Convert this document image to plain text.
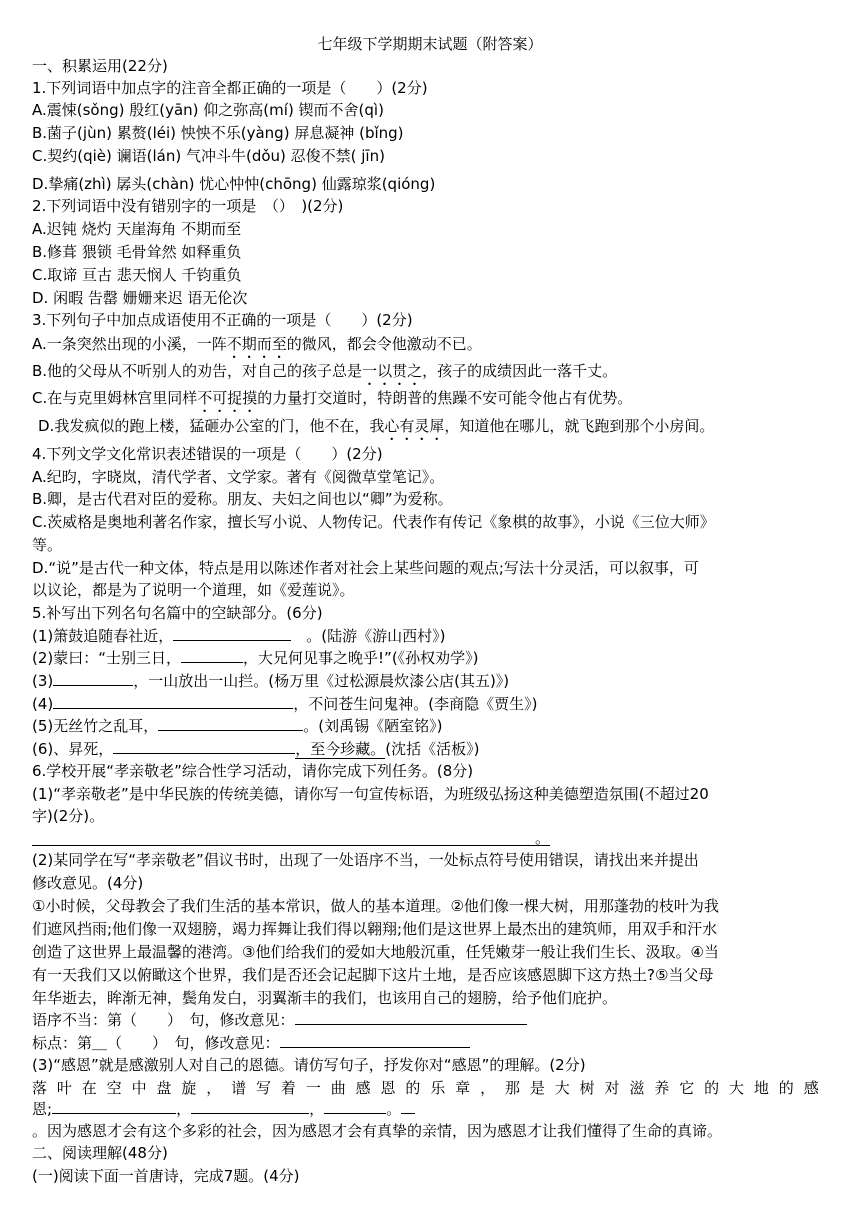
七年级下学期期末试题（附答案）
一、积累运用(22分)
1.下列词语中加点字的注音全都正确的一项是（　　）(2分)
A.震悚(sǒng) 殷红(yān) 仰之弥高(mí) 锲而不舍(qì)
B.菌子(jùn) 累赘(léi) 怏怏不乐(yàng) 屏息凝神 (bǐng)
C.契约(qiè) 谰语(lán) 气冲斗牛(dǒu) 忍俊不禁( jīn)
D.挚痛(zhì) 孱头(chàn) 忧心忡忡(chōng) 仙露琼浆(qióng)
2.下列词语中没有错别字的一项是　（）　)(2分)
A.迟钝 烧灼 天崖海角 不期而至
B.修葺 猥锁 毛骨耸然 如释重负
C.取谛 亘古 悲天悯人 千钧重负
D. 闲暇 告罄 姗姗来迟 语无伦次
3.下列句子中加点成语使用不正确的一项是（　　）(2分)
A.一条突然出现的小溪，一阵不期而至的微风，都会令他激动不已。
B.他的父母从不听别人的劝告，对自己的孩子总是一以贯之，孩子的成绩因此一落千丈。
C.在与克里姆林宫里同样不可捉摸的力量打交道时，特朗普的焦躁不安可能令他占有优势。
D.我发疯似的跑上楼，猛砸办公室的门，他不在，我心有灵犀，知道他在哪儿，就飞跑到那个小房间。
4.下列文学文化常识表述错误的一项是（　　）(2分)
A.纪昀，字晓岚，清代学者、文学家。著有《阅微草堂笔记》。
B.卿，是古代君对臣的爱称。朋友、夫妇之间也以“卿”为爱称。
C.茨威格是奥地利著名作家，擅长写小说、人物传记。代表作有传记《象棋的故事》，小说《三位大师》
等。
D.“说”是古代一种文体，特点是用以陈述作者对社会上某些问题的观点;写法十分灵活，可以叙事，可
以议论，都是为了说明一个道理，如《爱莲说》。
5.补写出下列名句名篇中的空缺部分。(6分)
(1)箫鼓追随春社近，	　。(陆游《游山西村》)
(2)蒙曰：“士别三日，	，大兄何见事之晚乎!”(《孙权劝学》)
(3)	，一山放出一山拦。(杨万里《过松源晨炊漆公店(其五)》)
(4)	，不问苍生问鬼神。(李商隐《贾生》)
(5)无丝竹之乱耳，	。(刘禹锡《陋室铭》)
(6)、昇死，	，至今珍藏。(沈括《活板》)
6.学校开展“孝亲敬老”综合性学习活动，请你完成下列任务。(8分)
(1)“孝亲敬老”是中华民族的传统美德，请你写一句宣传标语，为班级弘扬这种美德塑造氛围(不超过20
字)(2分)。
。
(2)某同学在写“孝亲敬老”倡议书时，出现了一处语序不当，一处标点符号使用错误，请找出来并提出
修改意见。(4分)
①小时候，父母教会了我们生活的基本常识，做人的基本道理。②他们像一棵大树，用那蓬勃的枝叶为我
们遮风挡雨;他们像一双翅膀，竭力挥舞让我们得以翱翔;他们是这世界上最杰出的建筑师，用双手和汗水
创造了这世界上最温馨的港湾。③他们给我们的爱如大地般沉重，任凭嫩芽一般让我们生长、汲取。④当
有一天我们又以俯瞰这个世界，我们是否还会记起脚下这片土地，是否应该感恩脚下这方热土?⑤当父母
年华逝去，眸渐无神，鬓角发白，羽翼渐丰的我们，也该用自己的翅膀，给予他们庇护。
语序不当：第（　　）　句，修改意见：
标点：第＿（　　）　句，修改意见：
(3)“感恩”就是感激别人对自己的恩德。请仿写句子，抒发你对“感恩”的理解。(2分)
落叶在空中盘旋，谱写着一曲感恩的乐章，那是大树对滋养它的大地的感
恩;	，	，	。
。因为感恩才会有这个多彩的社会，因为感恩才会有真挚的亲情，因为感恩才让我们懂得了生命的真谛。
二、阅读理解(48分)
(一)阅读下面一首唐诗，完成7题。(4分)
